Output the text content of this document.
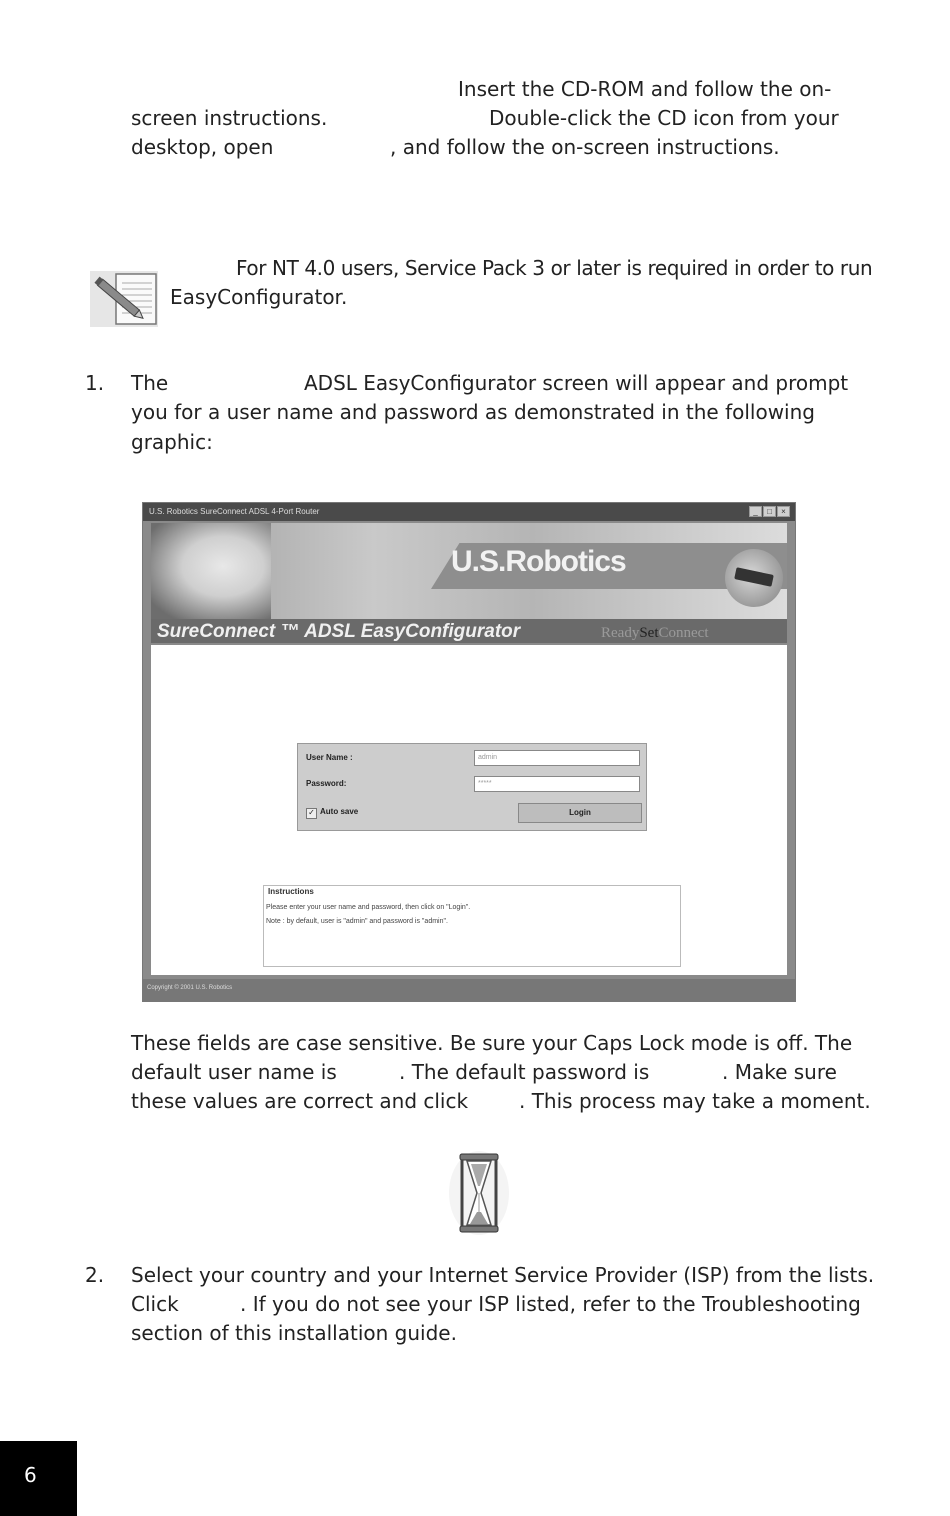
Insert the CD-ROM and follow the on-
screen instructions.	Double-click the CD icon from your
desktop, open	, and follow the on-screen instructions.
For NT 4.0 users, Service Pack 3 or later is required in order to run
EasyConfigurator.
1. The	ADSL EasyConfigurator screen will appear and prompt
you for a user name and password as demonstrated in the following
graphic:
U.S. Robotics SureConnect ADSL 4-Port Router	_	□	×
U.S.Robotics
SureConnect ™ ADSL EasyConfigurator	ReadySetConnect
User Name :	admin
Password:	*****
✓ Auto save	Login
Instructions
Please enter your user name and password, then click on "Login".
Note : by default, user is "admin" and password is "admin".
Copyright © 2001 U.S. Robotics
These fields are case sensitive. Be sure your Caps Lock mode is off. The
default user name is	. The default password is	. Make sure
these values are correct and click	. This process may take a moment.
2. Select your country and your Internet Service Provider (ISP) from the lists.
Click	. If you do not see your ISP listed, refer to the Troubleshooting
section of this installation guide.
6
